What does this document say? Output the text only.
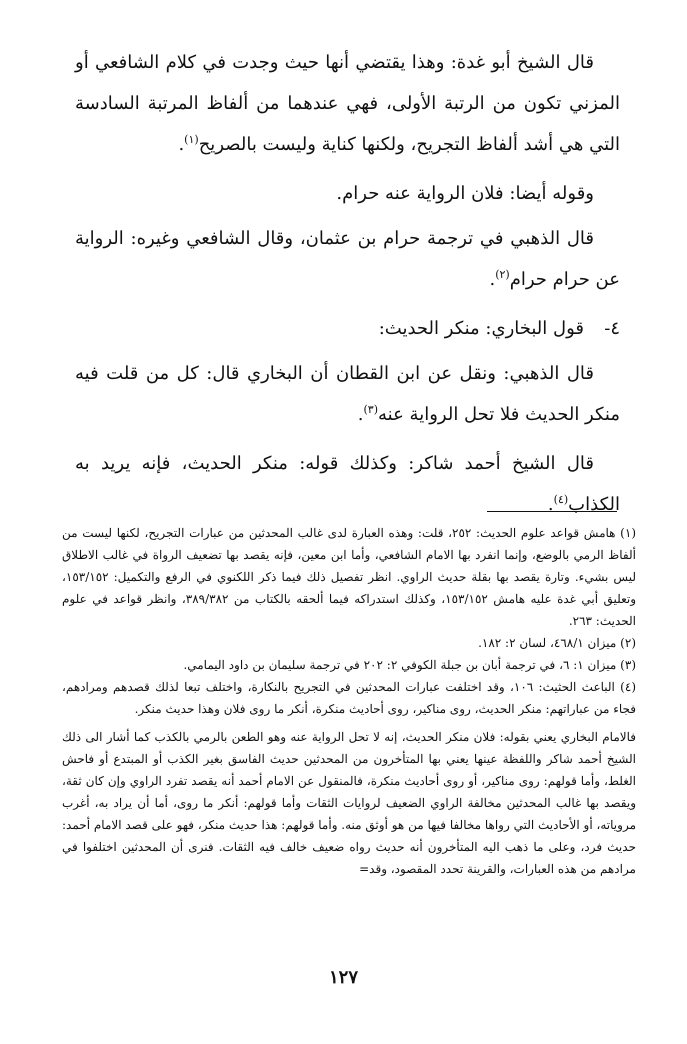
قال الشيخ أبو غدة: وهذا يقتضي أنها حيث وجدت في كلام الشافعي أو المزني تكون من الرتبة الأولى، فهي عندهما من ألفاظ المرتبة السادسة التي هي أشد ألفاظ التجريح، ولكنها كناية وليست بالصريح$^{(١)}$.

وقوله أيضا: فلان الرواية عنه حرام.

قال الذهبي في ترجمة حرام بن عثمان، وقال الشافعي وغيره: الرواية عن حرام حرام$^{(٢)}$.

٤-قول البخاري: منكر الحديث:

قال الذهبي: ونقل عن ابن القطان أن البخاري قال: كل من قلت فيه منكر الحديث فلا تحل الرواية عنه$^{(٣)}$.

قال الشيخ أحمد شاكر: وكذلك قوله: منكر الحديث، فإنه يريد به الكذاب$^{(٤)}$.

(١) هامش قواعد علوم الحديث: ٢٥٢، قلت: وهذه العبارة لدى غالب المحدثين من عبارات التجريح، لكنها ليست من ألفاظ الرمي بالوضع، وإنما انفرد بها الامام الشافعي، وأما ابن معين، فإنه يقصد بها تضعيف الرواة في غالب الاطلاق ليس بشيء. وتارة يقصد بها بقلة حديث الراوي. انظر تفصيل ذلك فيما ذكر اللكنوي في الرفع والتكميل: ١٥٣/١٥٢، وتعليق أبي غدة عليه هامش ١٥٣/١٥٢، وكذلك استدراكه فيما ألحقه بالكتاب من ٣٨٩/٣٨٢، وانظر قواعد في علوم الحديث: ٢٦٣.

(٢) ميزان ٤٦٨/١، لسان ٢: ١٨٢.

(٣) ميزان ١: ٦، في ترجمة أبان بن جبلة الكوفي ٢: ٢٠٢ في ترجمة سليمان بن داود اليمامي.

(٤) الباعث الحثيث: ١٠٦، وقد اختلفت عبارات المحدثين في التجريح بالنكارة، واختلف تبعا لذلك قصدهم ومرادهم، فجاء من عباراتهم: منكر الحديث، روى مناكير، روى أحاديث منكرة، أنكر ما روى فلان وهذا حديث منكر.

فالامام البخاري يعني بقوله: فلان منكر الحديث، إنه لا تحل الرواية عنه وهو الطعن بالرمي بالكذب كما أشار الى ذلك الشيخ أحمد شاكر واللفظة عينها يعني بها المتأخرون من المحدثين حديث الفاسق بغير الكذب أو المبتدع أو فاحش الغلط، وأما قولهم: روى مناكير، أو روى أحاديث منكرة، فالمنقول عن الامام أحمد أنه يقصد تفرد الراوي وإن كان ثقة، ويقصد بها غالب المحدثين مخالفة الراوي الضعيف لروايات الثقات وأما قولهم: أنكر ما روى، أما أن يراد به، أغرب مروياته، أو الأحاديث التي رواها مخالفا فيها من هو أوثق منه. وأما قولهم: هذا حديث منكر، فهو على قصد الامام أحمد: حديث فرد، وعلى ما ذهب اليه المتأخرون أنه حديث رواه ضعيف خالف فيه الثقات. فنرى أن المحدثين اختلفوا في مرادهم من هذه العبارات، والقرينة تحدد المقصود، وقد=

١٢٧
